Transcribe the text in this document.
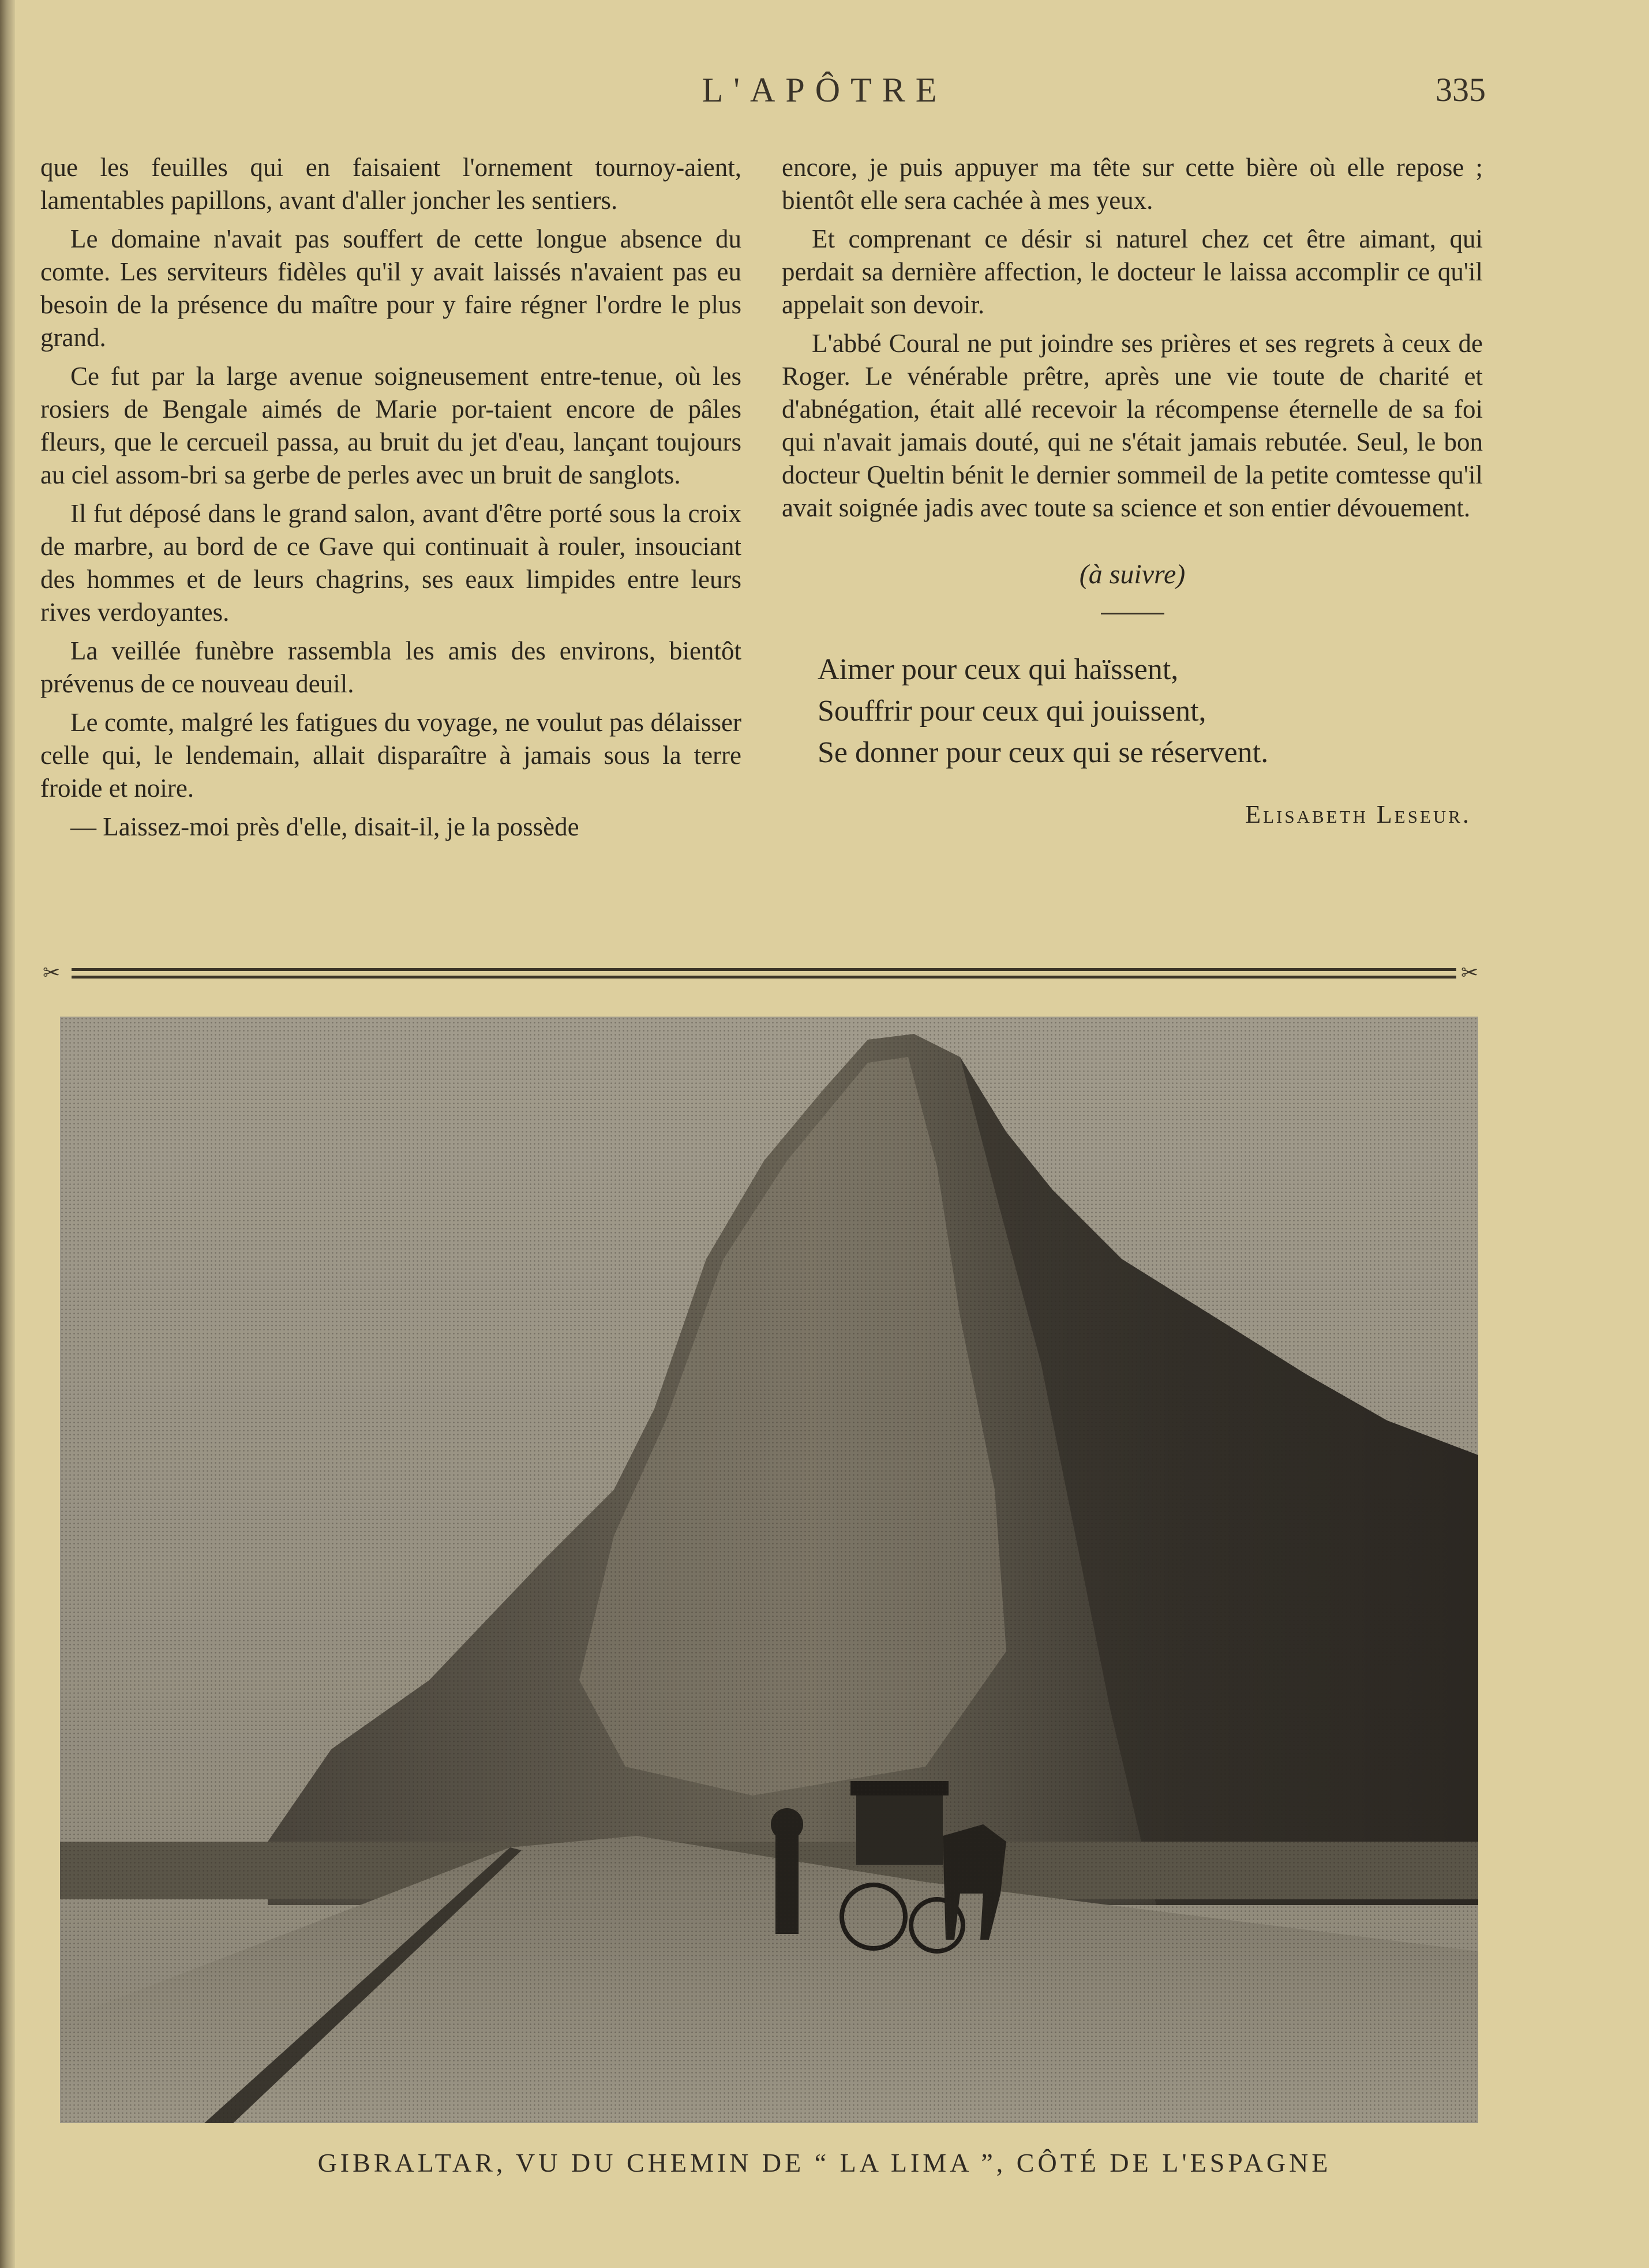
L'APÔTRE	335

que les feuilles qui en faisaient l'ornement tournoy-aient, lamentables papillons, avant d'aller joncher les sentiers.

Le domaine n'avait pas souffert de cette longue absence du comte. Les serviteurs fidèles qu'il y avait laissés n'avaient pas eu besoin de la présence du maître pour y faire régner l'ordre le plus grand.

Ce fut par la large avenue soigneusement entre-tenue, où les rosiers de Bengale aimés de Marie por-taient encore de pâles fleurs, que le cercueil passa, au bruit du jet d'eau, lançant toujours au ciel assom-bri sa gerbe de perles avec un bruit de sanglots.

Il fut déposé dans le grand salon, avant d'être porté sous la croix de marbre, au bord de ce Gave qui continuait à rouler, insouciant des hommes et de leurs chagrins, ses eaux limpides entre leurs rives verdoyantes.

La veillée funèbre rassembla les amis des environs, bientôt prévenus de ce nouveau deuil.

Le comte, malgré les fatigues du voyage, ne voulut pas délaisser celle qui, le lendemain, allait disparaître à jamais sous la terre froide et noire.

— Laissez-moi près d'elle, disait-il, je la possède

encore, je puis appuyer ma tête sur cette bière où elle repose ; bientôt elle sera cachée à mes yeux.

Et comprenant ce désir si naturel chez cet être aimant, qui perdait sa dernière affection, le docteur le laissa accomplir ce qu'il appelait son devoir.

L'abbé Coural ne put joindre ses prières et ses regrets à ceux de Roger. Le vénérable prêtre, après une vie toute de charité et d'abnégation, était allé recevoir la récompense éternelle de sa foi qui n'avait jamais douté, qui ne s'était jamais rebutée. Seul, le bon docteur Queltin bénit le dernier sommeil de la petite comtesse qu'il avait soignée jadis avec toute sa science et son entier dévouement.

(à suivre)
Aimer pour ceux qui haïssent,
Souffrir pour ceux qui jouissent,
Se donner pour ceux qui se réservent.
Elisabeth Leseur.
✂	✂
GIBRALTAR, VU DU CHEMIN DE “ LA LIMA ”, CÔTÉ DE L'ESPAGNE
